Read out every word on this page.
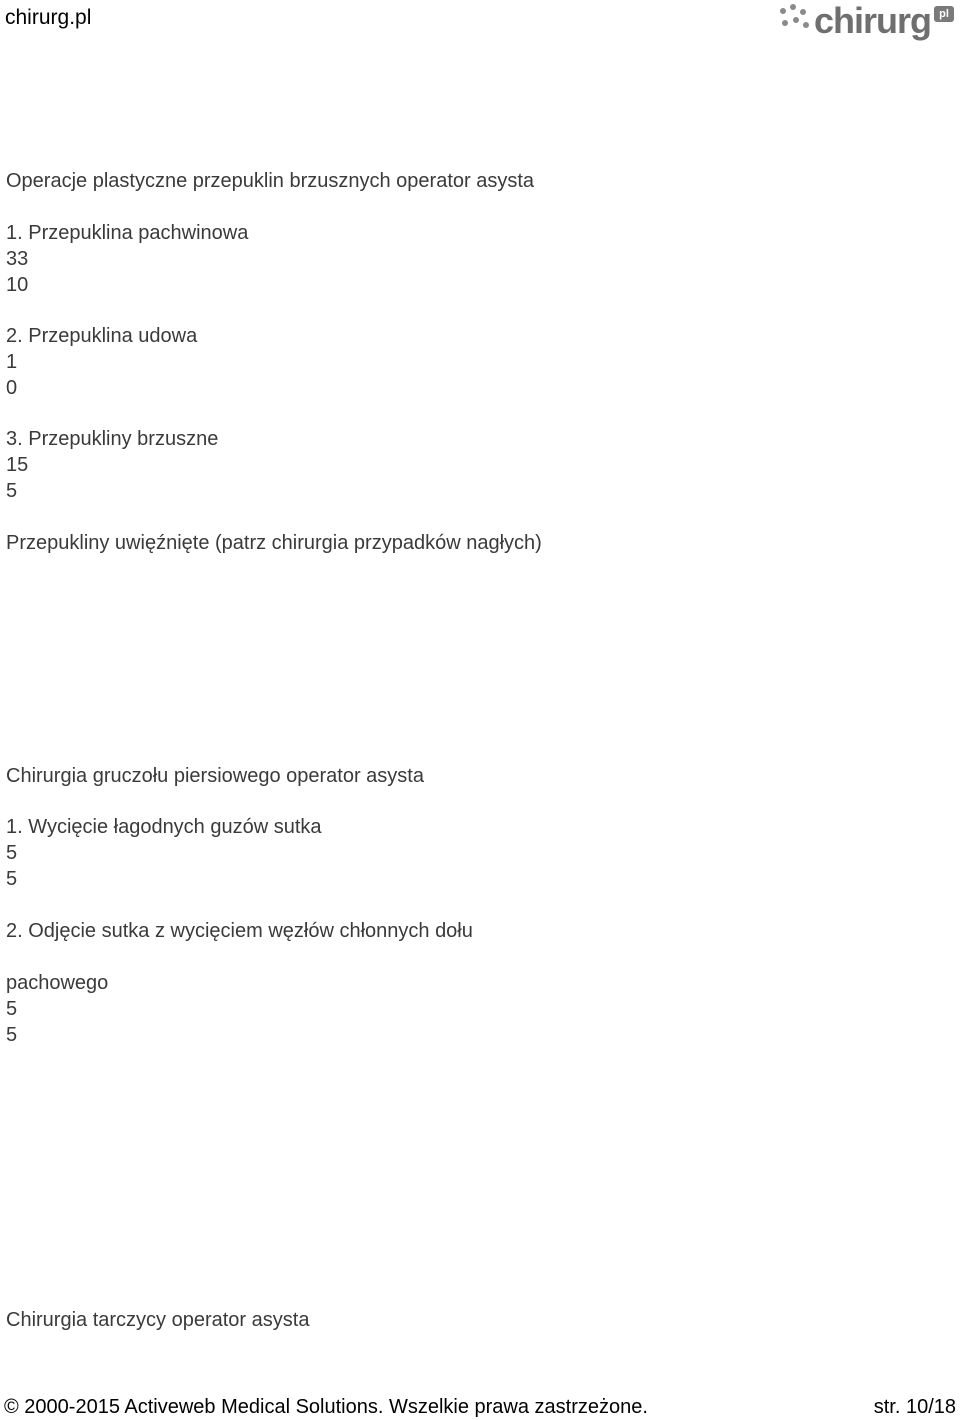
chirurg.pl	chirurg pl
Operacje plastyczne przepuklin brzusznych operator asysta
1. Przepuklina pachwinowa
33
10
2. Przepuklina udowa
1
0
3. Przepukliny brzuszne
15
5
Przepukliny uwięźnięte (patrz chirurgia przypadków nagłych)
Chirurgia gruczołu piersiowego operator asysta
1. Wycięcie łagodnych guzów sutka
5
5
2. Odjęcie sutka z wycięciem węzłów chłonnych dołu
pachowego
5
5
Chirurgia tarczycy operator asysta
© 2000-2015 Activeweb Medical Solutions. Wszelkie prawa zastrzeżone.	str. 10/18
